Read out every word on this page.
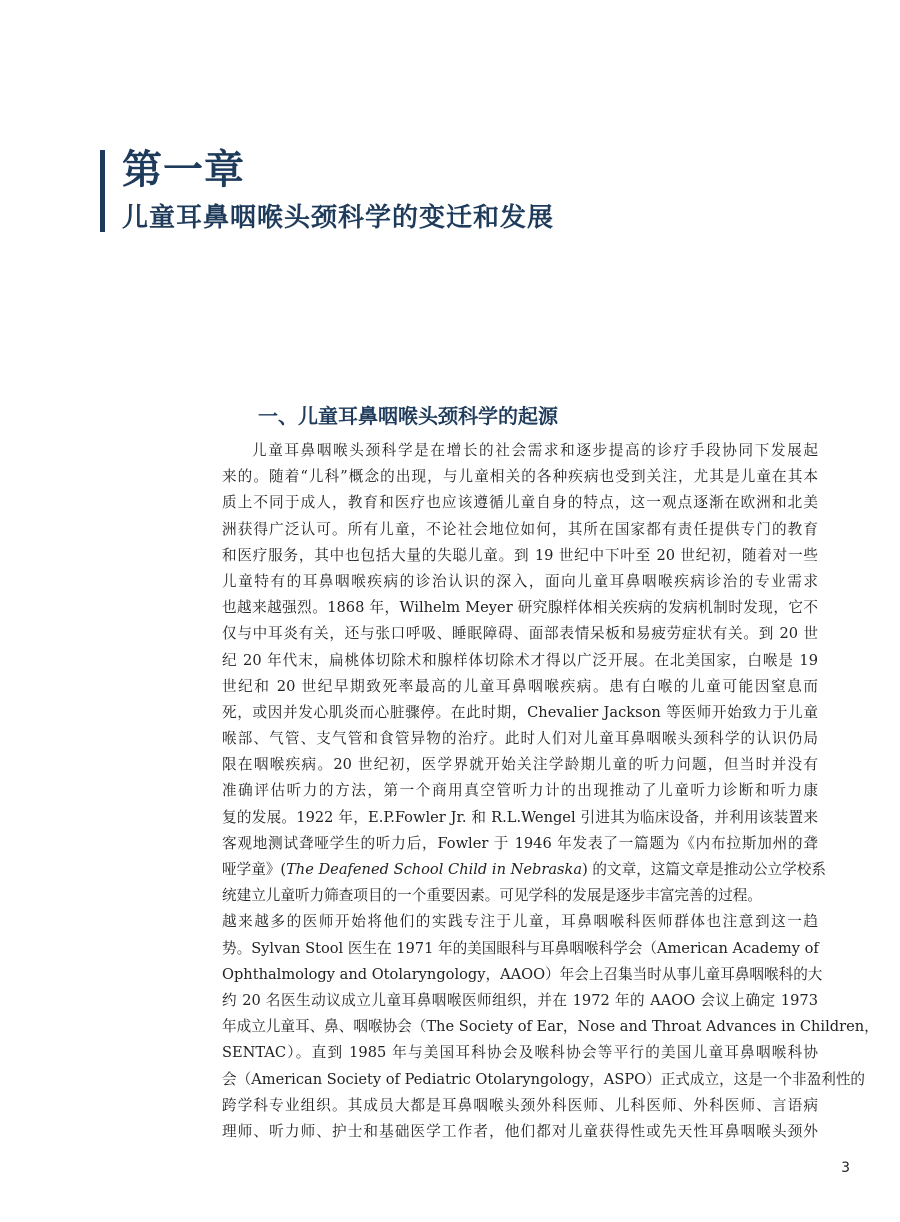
第一章
儿童耳鼻咽喉头颈科学的变迁和发展
一、儿童耳鼻咽喉头颈科学的起源
儿童耳鼻咽喉头颈科学是在增长的社会需求和逐步提高的诊疗手段协同下发展起
来的。随着“儿科”概念的出现，与儿童相关的各种疾病也受到关注，尤其是儿童在其本
质上不同于成人，教育和医疗也应该遵循儿童自身的特点，这一观点逐渐在欧洲和北美
洲获得广泛认可。所有儿童，不论社会地位如何，其所在国家都有责任提供专门的教育
和医疗服务，其中也包括大量的失聪儿童。到 19 世纪中下叶至 20 世纪初，随着对一些
儿童特有的耳鼻咽喉疾病的诊治认识的深入，面向儿童耳鼻咽喉疾病诊治的专业需求
也越来越强烈。1868 年，Wilhelm Meyer 研究腺样体相关疾病的发病机制时发现，它不
仅与中耳炎有关，还与张口呼吸、睡眠障碍、面部表情呆板和易疲劳症状有关。到 20 世
纪 20 年代末，扁桃体切除术和腺样体切除术才得以广泛开展。在北美国家，白喉是 19
世纪和 20 世纪早期致死率最高的儿童耳鼻咽喉疾病。患有白喉的儿童可能因窒息而
死，或因并发心肌炎而心脏骤停。在此时期，Chevalier Jackson 等医师开始致力于儿童
喉部、气管、支气管和食管异物的治疗。此时人们对儿童耳鼻咽喉头颈科学的认识仍局
限在咽喉疾病。20 世纪初，医学界就开始关注学龄期儿童的听力问题，但当时并没有
准确评估听力的方法，第一个商用真空管听力计的出现推动了儿童听力诊断和听力康
复的发展。1922 年，E.P.Fowler Jr. 和 R.L.Wengel 引进其为临床设备，并利用该装置来
客观地测试聋哑学生的听力后，Fowler 于 1946 年发表了一篇题为《内布拉斯加州的聋
哑学童》(The Deafened School Child in Nebraska) 的文章，这篇文章是推动公立学校系
统建立儿童听力筛查项目的一个重要因素。可见学科的发展是逐步丰富完善的过程。
越来越多的医师开始将他们的实践专注于儿童，耳鼻咽喉科医师群体也注意到这一趋
势。Sylvan Stool 医生在 1971 年的美国眼科与耳鼻咽喉科学会（American Academy of
Ophthalmology and Otolaryngology，AAOO）年会上召集当时从事儿童耳鼻咽喉科的大
约 20 名医生动议成立儿童耳鼻咽喉医师组织，并在 1972 年的 AAOO 会议上确定 1973
年成立儿童耳、鼻、咽喉协会（The Society of Ear，Nose and Throat Advances in Children，
SENTAC）。直到 1985 年与美国耳科协会及喉科协会等平行的美国儿童耳鼻咽喉科协
会（American Society of Pediatric Otolaryngology，ASPO）正式成立，这是一个非盈利性的
跨学科专业组织。其成员大都是耳鼻咽喉头颈外科医师、儿科医师、外科医师、言语病
理师、听力师、护士和基础医学工作者，他们都对儿童获得性或先天性耳鼻咽喉头颈外
3
